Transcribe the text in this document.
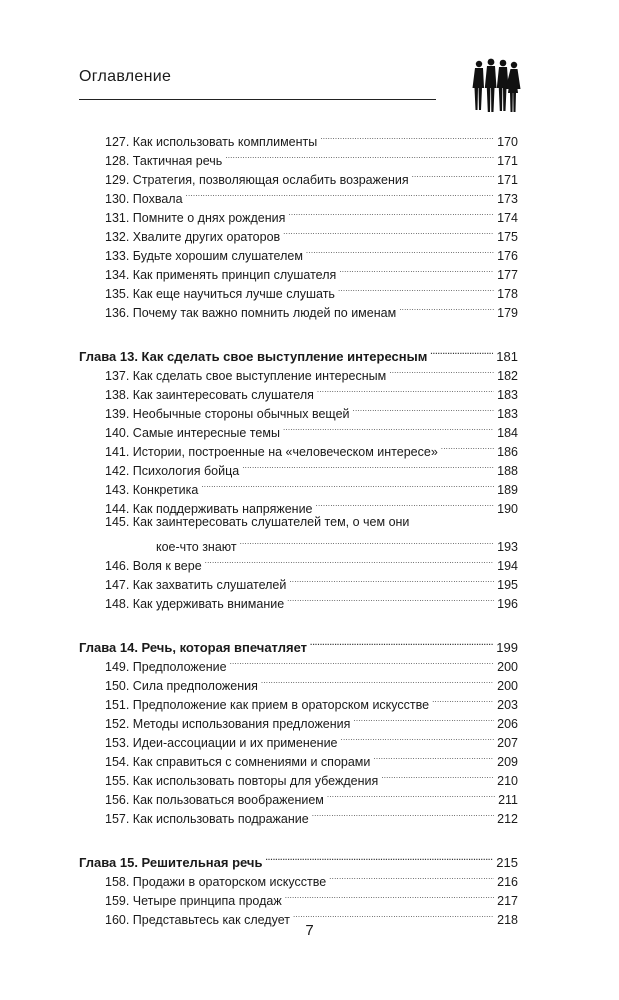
Оглавление
127. Как использовать комплименты . . .	170
128. Тактичная речь . . .	171
129. Стратегия, позволяющая ослабить возражения . . .	171
130. Похвала . . .	173
131. Помните о днях рождения . . .	174
132. Хвалите других ораторов . . .	175
133. Будьте хорошим слушателем . . .	176
134. Как применять принцип слушателя . . .	177
135. Как еще научиться лучше слушать . . .	178
136. Почему так важно помнить людей по именам . . .	179
Глава 13. Как сделать свое выступление интересным . . .	181
137. Как сделать свое выступление интересным . . .	182
138. Как заинтересовать слушателя . . .	183
139. Необычные стороны обычных вещей . . .	183
140. Самые интересные темы . . .	184
141. Истории, построенные на «человеческом интересе» . . .	186
142. Психология бойца . . .	188
143. Конкретика . . .	189
144. Как поддерживать напряжение . . .	190
145. Как заинтересовать слушателей тем, о чем они
кое-что знают . . .	193
146. Воля к вере . . .	194
147. Как захватить слушателей . . .	195
148. Как удерживать внимание . . .	196
Глава 14. Речь, которая впечатляет . . .	199
149. Предположение . . .	200
150. Сила предположения . . .	200
151. Предположение как прием в ораторском искусстве . . .	203
152. Методы использования предложения . . .	206
153. Идеи-ассоциации и их применение . . .	207
154. Как справиться с сомнениями и спорами . . .	209
155. Как использовать повторы для убеждения . . .	210
156. Как пользоваться воображением . . .	211
157. Как использовать подражание . . .	212
Глава 15. Решительная речь . . .	215
158. Продажи в ораторском искусстве . . .	216
159. Четыре принципа продаж . . .	217
160. Представьтесь как следует . . .	218
7
